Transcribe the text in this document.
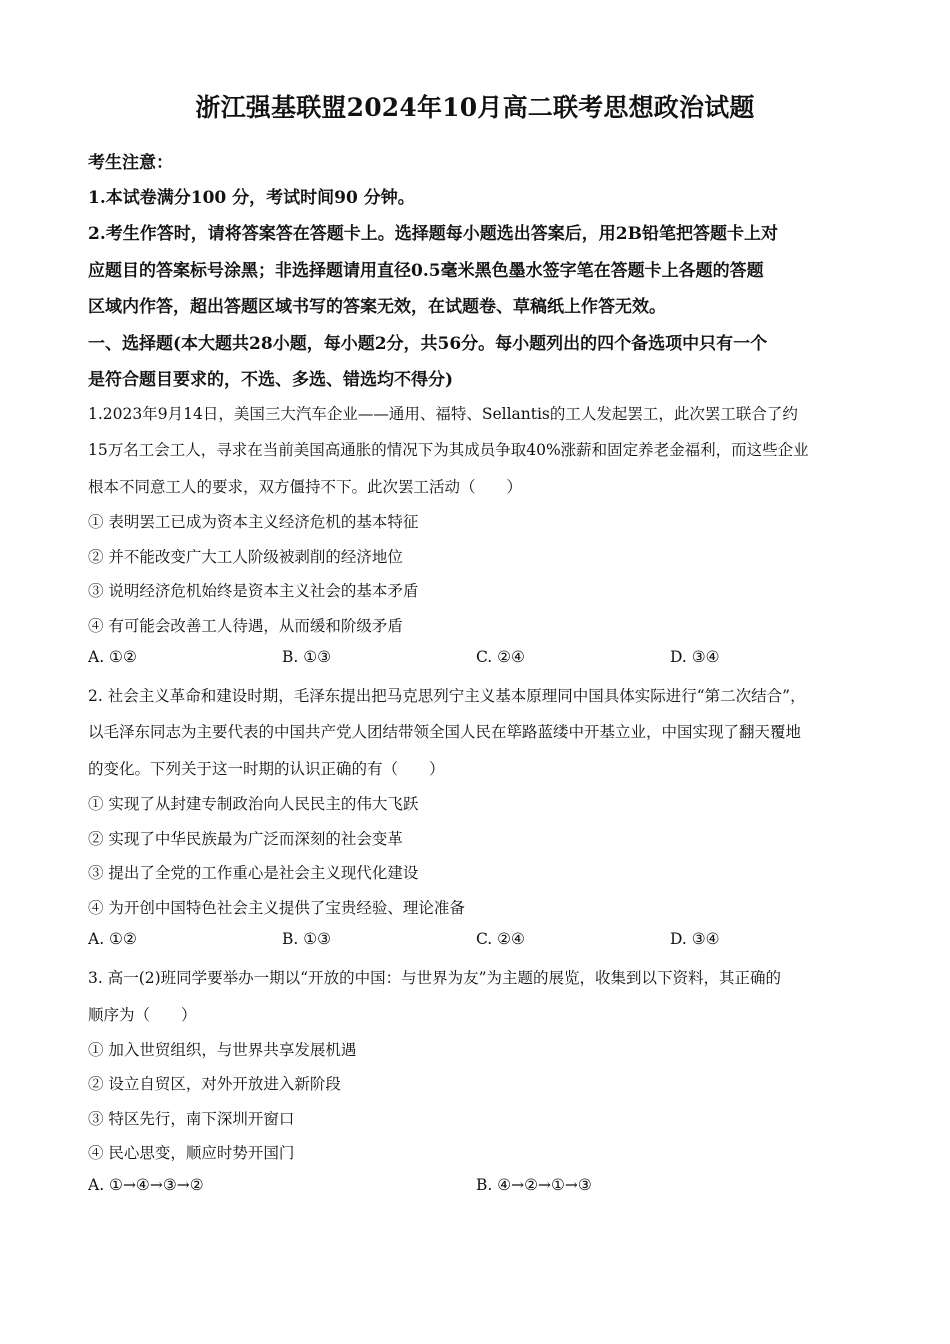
浙江强基联盟2024年10月高二联考思想政治试题
考生注意：
1.本试卷满分100 分，考试时间90 分钟。
2.考生作答时，请将答案答在答题卡上。选择题每小题选出答案后，用2B铅笔把答题卡上对
应题目的答案标号涂黑；非选择题请用直径0.5毫米黑色墨水签字笔在答题卡上各题的答题
区域内作答，超出答题区域书写的答案无效，在试题卷、草稿纸上作答无效。
一、选择题(本大题共28小题，每小题2分，共56分。每小题列出的四个备选项中只有一个
是符合题目要求的，不选、多选、错选均不得分)
1.2023年9月14日，美国三大汽车企业——通用、福特、Sellantis的工人发起罢工，此次罢工联合了约
15万名工会工人，寻求在当前美国高通胀的情况下为其成员争取40%涨薪和固定养老金福利，而这些企业
根本不同意工人的要求，双方僵持不下。此次罢工活动（　　）
① 表明罢工已成为资本主义经济危机的基本特征
② 并不能改变广大工人阶级被剥削的经济地位
③ 说明经济危机始终是资本主义社会的基本矛盾
④ 有可能会改善工人待遇，从而缓和阶级矛盾
A. ①②	B. ①③	C. ②④	D. ③④
2. 社会主义革命和建设时期，毛泽东提出把马克思列宁主义基本原理同中国具体实际进行“第二次结合”，
以毛泽东同志为主要代表的中国共产党人团结带领全国人民在筚路蓝缕中开基立业，中国实现了翻天覆地
的变化。下列关于这一时期的认识正确的有（　　）
① 实现了从封建专制政治向人民民主的伟大飞跃
② 实现了中华民族最为广泛而深刻的社会变革
③ 提出了全党的工作重心是社会主义现代化建设
④ 为开创中国特色社会主义提供了宝贵经验、理论准备
A. ①②	B. ①③	C. ②④	D. ③④
3. 高一(2)班同学要举办一期以“开放的中国：与世界为友”为主题的展览，收集到以下资料，其正确的
顺序为（　　）
① 加入世贸组织，与世界共享发展机遇
② 设立自贸区，对外开放进入新阶段
③ 特区先行，南下深圳开窗口
④ 民心思变，顺应时势开国门
A. ①→④→③→②	B. ④→②→①→③
